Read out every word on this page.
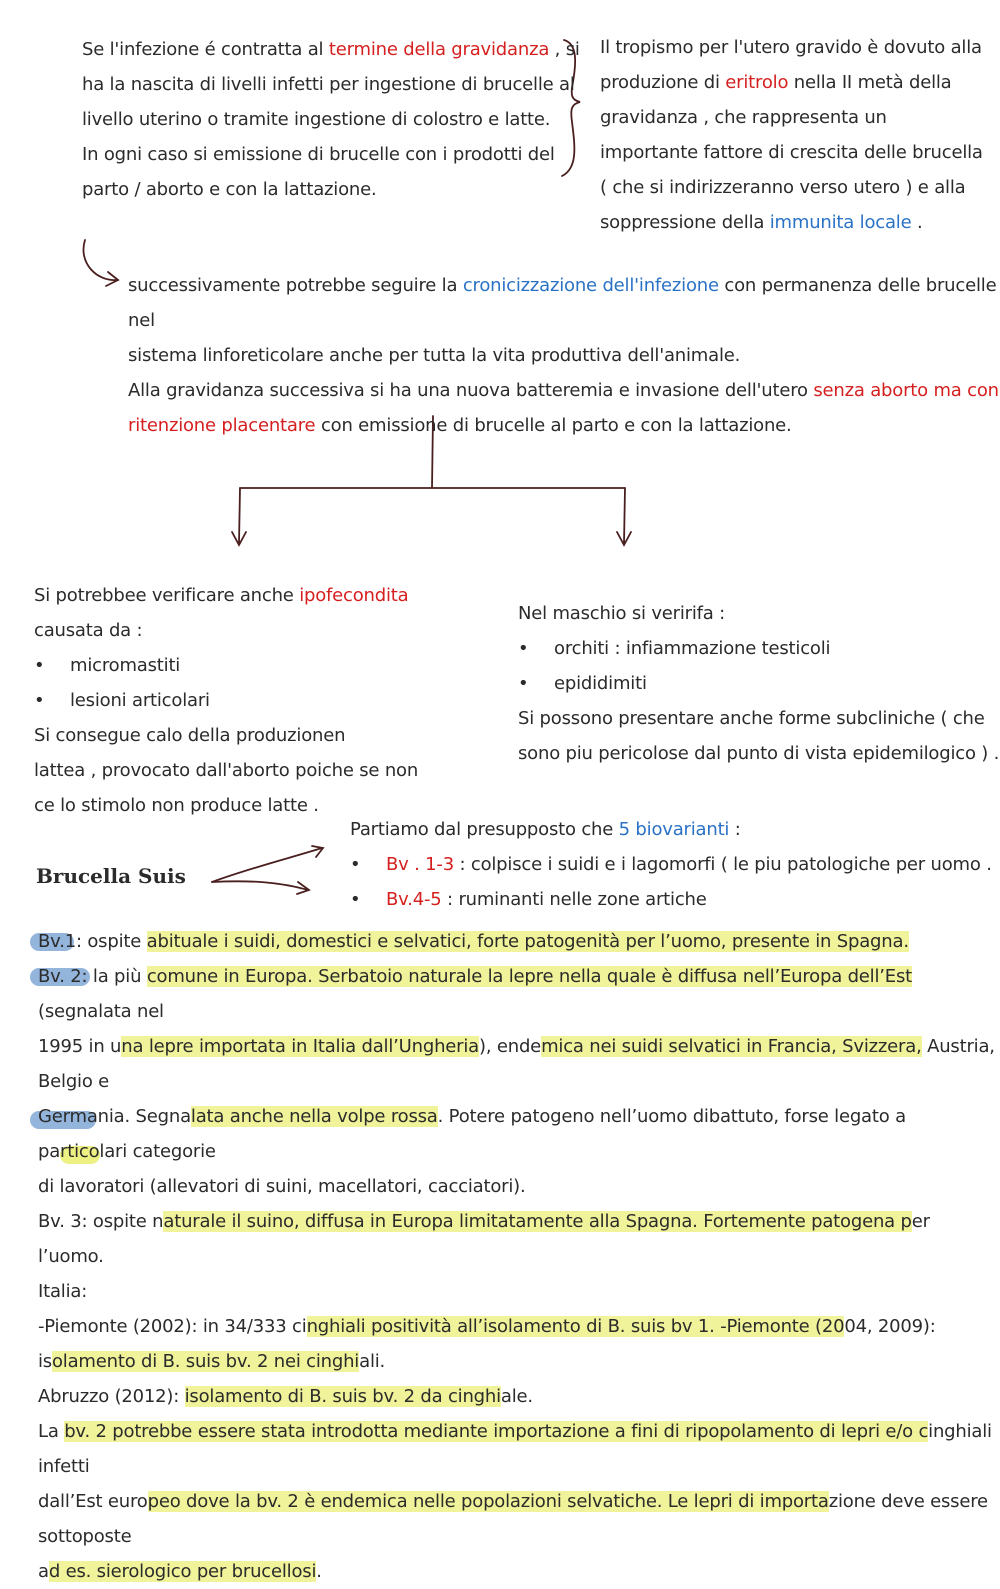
Se l'infezione é contratta al termine della gravidanza , si
ha la nascita di livelli infetti per ingestione di brucelle al
livello uterino o tramite ingestione di colostro e latte.
In ogni caso si emissione di brucelle con i prodotti del
parto / aborto e con la lattazione.
Il tropismo per l'utero gravido è dovuto alla
produzione di eritrolo nella II metà della
gravidanza , che rappresenta un
importante fattore di crescita delle brucella
( che si indirizzeranno verso utero ) e alla
soppressione della immunita locale .
successivamente potrebbe seguire la cronicizzazione dell'infezione con permanenza delle brucelle nel
sistema linforeticolare anche per tutta la vita produttiva dell'animale.
Alla gravidanza successiva si ha una nuova batteremia e invasione dell'utero senza aborto ma con
ritenzione placentare con emissione di brucelle al parto e con la lattazione.
Si potrebbee verificare anche ipofecondita
causata da :
• micromastiti
• lesioni articolari
Si consegue calo della produzionen
lattea , provocato dall'aborto poiche se non
ce lo stimolo non produce latte .
Nel maschio si veririfa :
• orchiti : infiammazione testicoli
• epididimiti
Si possono presentare anche forme subcliniche ( che
sono piu pericolose dal punto di vista epidemilogico ) .
Brucella Suis
Partiamo dal presupposto che 5 biovarianti :
• Bv . 1-3 : colpisce i suidi e i lagomorfi ( le piu patologiche per uomo .
• Bv.4-5 : ruminanti nelle zone artiche
Bv.1: ospite abituale i suidi, domestici e selvatici, forte patogenità per l’uomo, presente in Spagna.
Bv. 2: la più comune in Europa. Serbatoio naturale la lepre nella quale è diffusa nell’Europa dell’Est (segnalata nel
1995 in una lepre importata in Italia dall’Ungheria), endemica nei suidi selvatici in Francia, Svizzera, Austria, Belgio e
Germania. Segnalata anche nella volpe rossa. Potere patogeno nell’uomo dibattuto, forse legato a particolari categorie
di lavoratori (allevatori di suini, macellatori, cacciatori).
Bv. 3: ospite naturale il suino, diffusa in Europa limitatamente alla Spagna. Fortemente patogena per l’uomo.
Italia:
-Piemonte (2002): in 34/333 cinghiali positività all’isolamento di B. suis bv 1. -Piemonte (2004, 2009):
isolamento di B. suis bv. 2 nei cinghiali.
Abruzzo (2012): isolamento di B. suis bv. 2 da cinghiale.
La bv. 2 potrebbe essere stata introdotta mediante importazione a fini di ripopolamento di lepri e/o cinghiali infetti
dall’Est europeo dove la bv. 2 è endemica nelle popolazioni selvatiche. Le lepri di importazione deve essere sottoposte
ad es. sierologico per brucellosi.
